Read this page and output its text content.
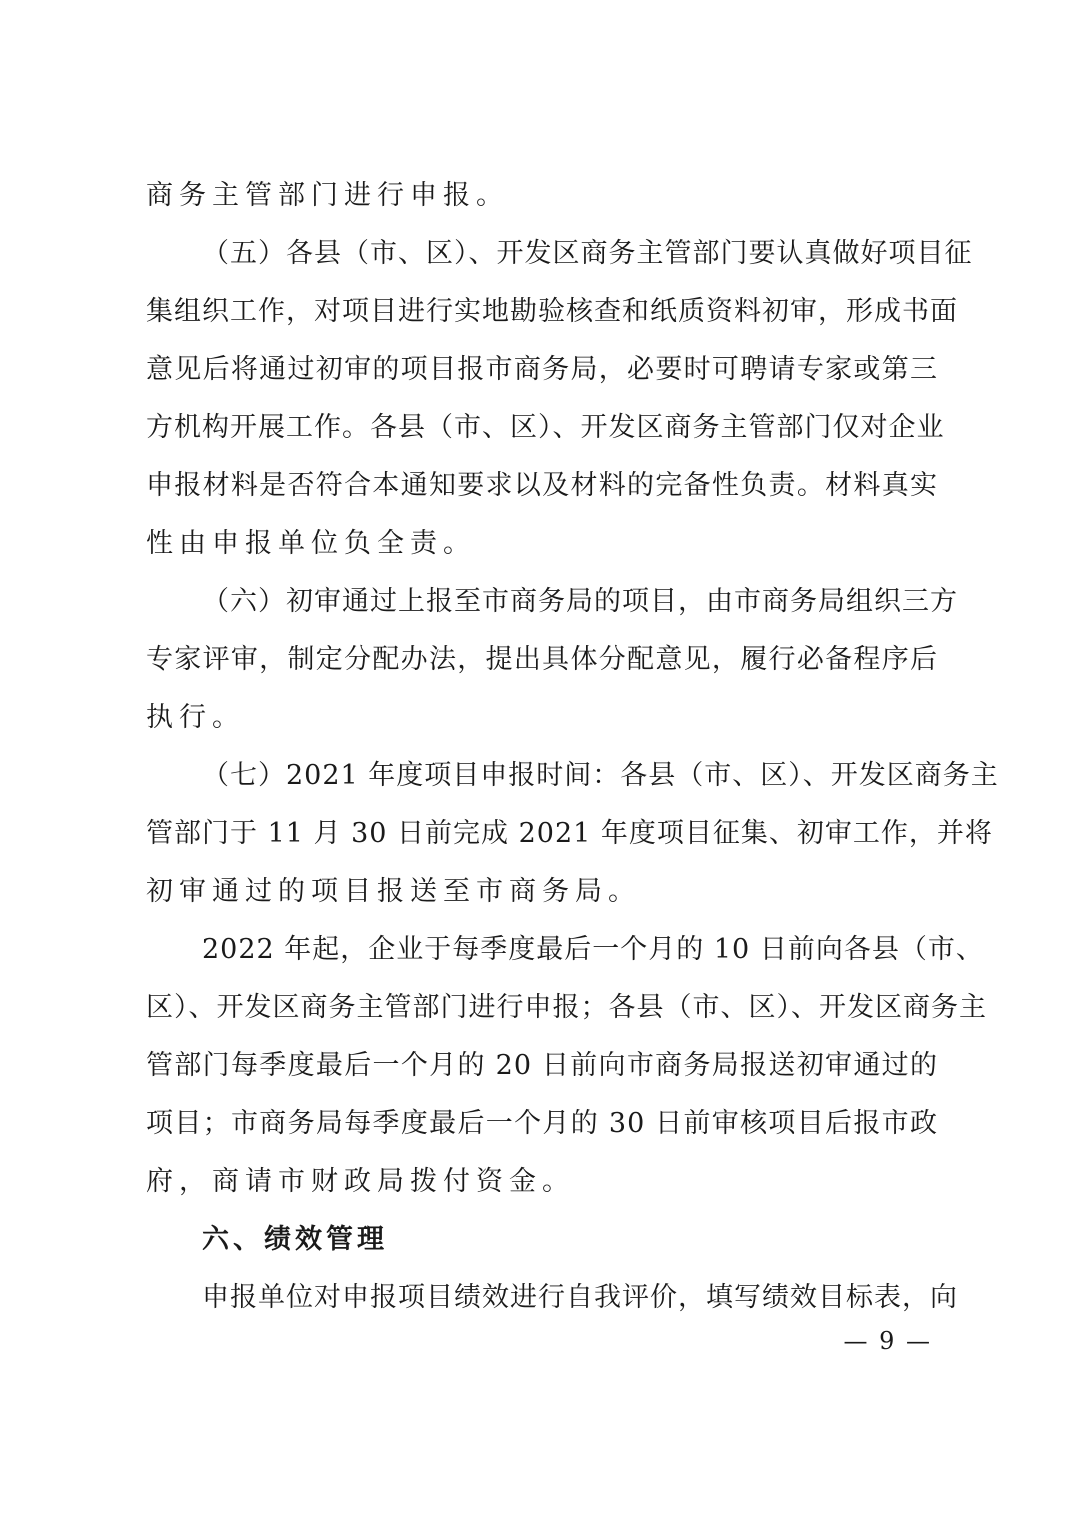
商务主管部门进行申报。
（五）各县（市、区）、开发区商务主管部门要认真做好项目征
集组织工作，对项目进行实地勘验核查和纸质资料初审，形成书面
意见后将通过初审的项目报市商务局，必要时可聘请专家或第三
方机构开展工作。各县（市、区）、开发区商务主管部门仅对企业
申报材料是否符合本通知要求以及材料的完备性负责。材料真实
性由申报单位负全责。
（六）初审通过上报至市商务局的项目，由市商务局组织三方
专家评审，制定分配办法，提出具体分配意见，履行必备程序后
执行。
（七）2021 年度项目申报时间：各县（市、区）、开发区商务主
管部门于 11 月 30 日前完成 2021 年度项目征集、初审工作，并将
初审通过的项目报送至市商务局。
2022 年起，企业于每季度最后一个月的 10 日前向各县（市、
区）、开发区商务主管部门进行申报；各县（市、区）、开发区商务主
管部门每季度最后一个月的 20 日前向市商务局报送初审通过的
项目；市商务局每季度最后一个月的 30 日前审核项目后报市政
府，商请市财政局拨付资金。
六、绩效管理
申报单位对申报项目绩效进行自我评价，填写绩效目标表，向
— 9 —
